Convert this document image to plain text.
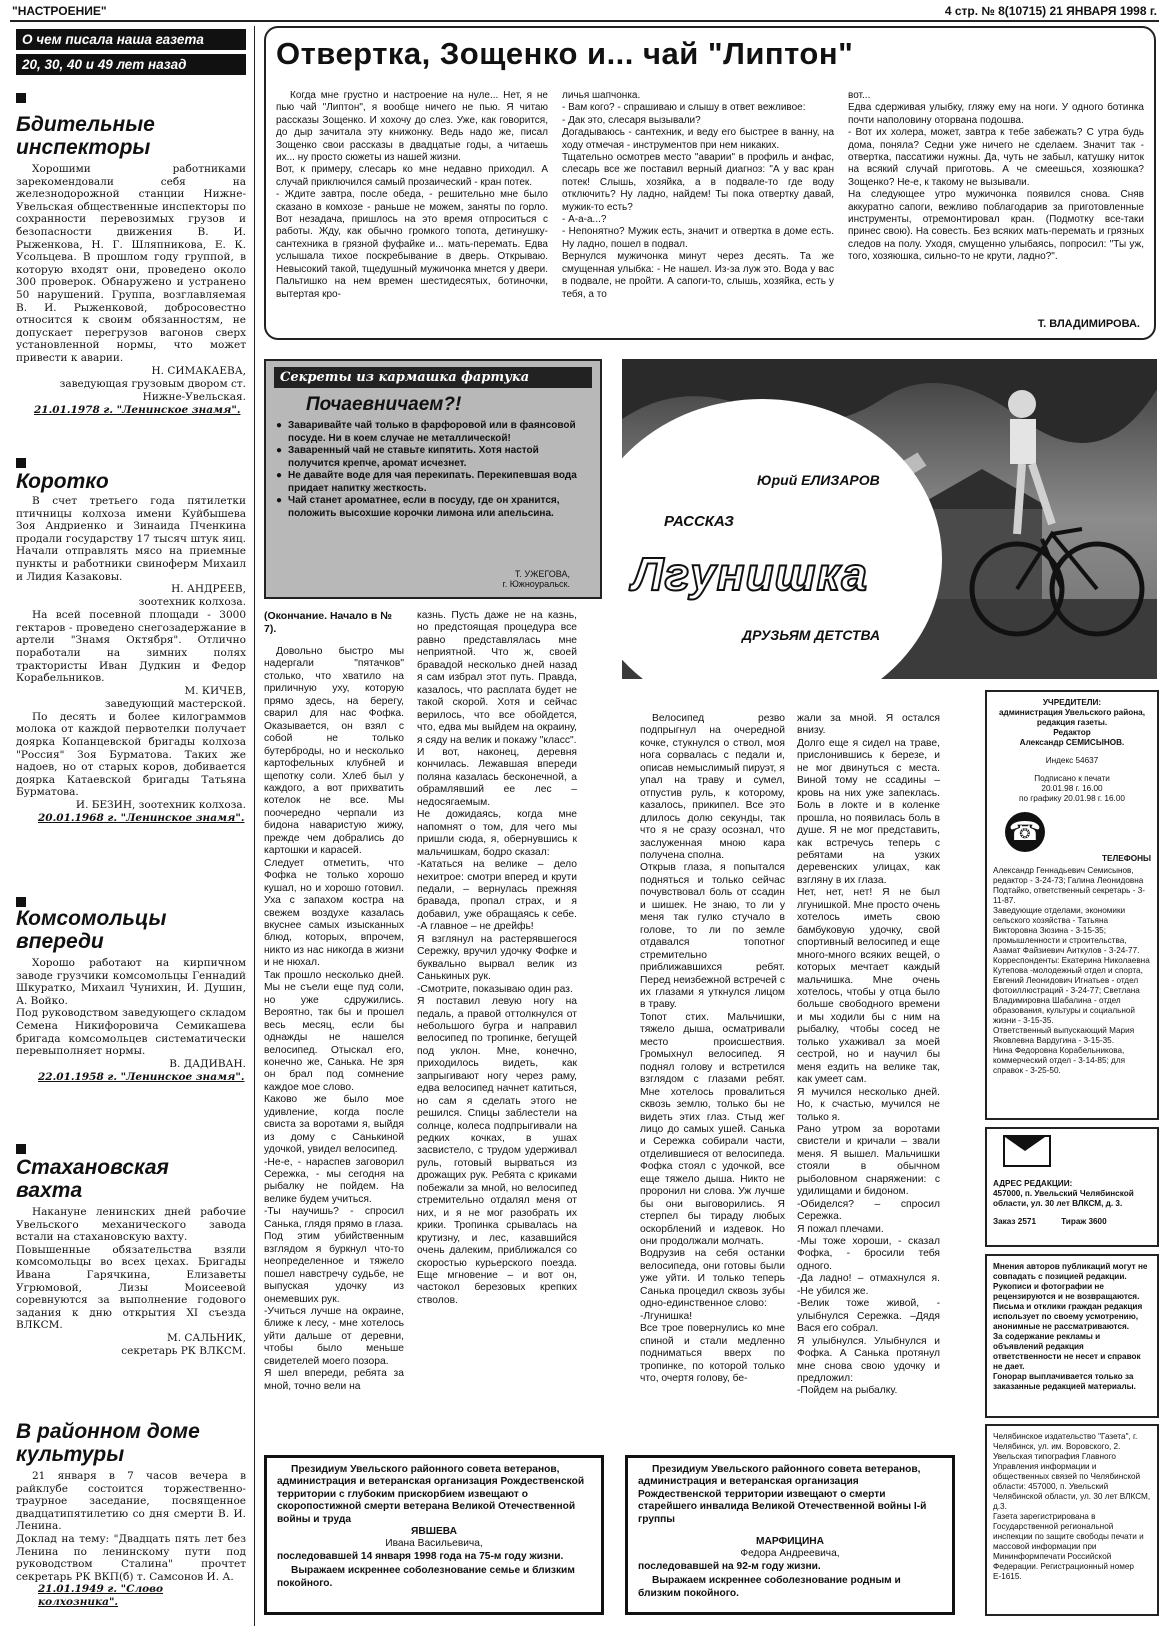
"НАСТРОЕНИЕ"	4 стр. № 8(10715) 21 ЯНВАРЯ 1998 г.
О чем писала наша газета
20, 30, 40 и 49 лет назад
Бдительные инспекторы
Хорошими работниками зарекомендовали себя на железнодорожной станции Нижне-Увельская общественные инспекторы по сохранности перевозимых грузов и безопасности движения В. И. Рыженкова, Н. Г. Шляпникова, Е. К. Усольцева. В прошлом году группой, в которую входят они, проведено около 300 проверок. Обнаружено и устранено 50 нарушений. Группа, возглавляемая В. И. Рыженковой, добросовестно относится к своим обязанностям, не допускает перегрузов вагонов сверх установленной нормы, что может привести к аварии.
Н. СИМАКАЕВА,
заведующая грузовым двором ст. Нижне-Увельская.
21.01.1978 г. "Ленинское знамя".
Коротко
В счет третьего года пятилетки птичницы колхоза имени Куйбышева Зоя Андриенко и Зинаида Пченкина продали государству 17 тысяч штук яиц. Начали отправлять мясо на приемные пункты и работники свиноферм Михаил и Лидия Казаковы.
Н. АНДРЕЕВ,
зоотехник колхоза.
На всей посевной площади - 3000 гектаров - проведено снегозадержание в артели "Знамя Октября". Отлично поработали на зимних полях трактористы Иван Дудкин и Федор Корабельников.
М. КИЧЕВ,
заведующий мастерской.
По десять и более килограммов молока от каждой первотелки получает доярка Копанцевской бригады колхоза "Россия" Зоя Бурматова. Таких же надоев, но от старых коров, добивается доярка Катаевской бригады Татьяна Бурматова.
И. БЕЗИН, зоотехник колхоза.
20.01.1968 г. "Ленинское знамя".
Комсомольцы впереди
Хорошо работают на кирпичном заводе грузчики комсомольцы Геннадий Шкуратко, Михаил Чунихин, И. Душин, А. Войко.
Под руководством заведующего складом Семена Никифоровича Семикашева бригада комсомольцев систематически перевыполняет нормы.
В. ДАДИВАН.
22.01.1958 г. "Ленинское знамя".
Стахановская вахта
Накануне ленинских дней рабочие Увельского механического завода встали на стахановскую вахту.
Повышенные обязательства взяли комсомольцы во всех цехах. Бригады Ивана Гарячкина, Елизаветы Угрюмовой, Лизы Моисеевой соревнуются за выполнение годового задания к дню открытия XI съезда ВЛКСМ.
М. САЛЬНИК,
секретарь РК ВЛКСМ.
В районном доме культуры
21 января в 7 часов вечера в райклубе состоится торжественно-траурное заседание, посвященное двадцатипятилетию со дня смерти В. И. Ленина.
Доклад на тему: "Двадцать пять лет без Ленина по ленинскому пути под руководством Сталина" прочтет секретарь РК ВКП(б) т. Самсонов И. А.
21.01.1949 г. "Слово колхозника".
Отвертка, Зощенко и... чай "Липтон"
Когда мне грустно и настроение на нуле... Нет, я не пью чай "Липтон", я вообще ничего не пью. Я читаю рассказы Зощенко. И хохочу до слез. Уже, как говорится, до дыр зачитала эту книжонку. Ведь надо же, писал Зощенко свои рассказы в двадцатые годы, а читаешь их... ну просто сюжеты из нашей жизни.
Вот, к примеру, слесарь ко мне недавно приходил. А случай приключился самый прозаический - кран потек.
- Ждите завтра, после обеда, - решительно мне было сказано в комхозе - раньше не можем, заняты по горло. Вот незадача, пришлось на это время отпроситься с работы. Жду, как обычно громкого топота, детинушку-сантехника в грязной фуфайке и... мать-перемать. Едва услышала тихое поскребывание в дверь. Открываю. Невысокий такой, тщедушный мужичонка мнется у двери. Пальтишко на нем времен шестидесятых, ботиночки, вытертая кро-
личья шапчонка.
- Вам кого? - спрашиваю и слышу в ответ вежливое:
- Дак это, слесаря вызывали?
Догадываюсь - сантехник, и веду его быстрее в ванну, на ходу отмечая - инструментов при нем никаких.
Тщательно осмотрев место "аварии" в профиль и анфас, слесарь все же поставил верный диагноз: "А у вас кран потек! Слышь, хозяйка, а в подвале-то где воду отключить? Ну ладно, найдем! Ты пока отвертку давай, мужик-то есть?
- А-а-а...?
- Непонятно? Мужик есть, значит и отвертка в доме есть. Ну ладно, пошел в подвал.
Вернулся мужичонка минут через десять. Та же смущенная улыбка: - Не нашел. Из-за луж это. Вода у вас в подвале, не пройти. А сапоги-то, слышь, хозяйка, есть у тебя, а то
вот...
Едва сдерживая улыбку, гляжу ему на ноги. У одного ботинка почти наполовину оторвана подошва.
- Вот их холера, может, завтра к тебе забежать? С утра будь дома, поняла? Седни уже ничего не сделаем. Значит так - отвертка, пассатижи нужны. Да, чуть не забыл, катушку ниток на всякий случай приготовь. А че смеешься, хозяюшка? Зощенко? Не-е, к такому не вызывали.
На следующее утро мужичонка появился снова. Сняв аккуратно сапоги, вежливо поблагодарив за приготовленные инструменты, отремонтировал кран. (Подмотку все-таки принес свою). На совесть. Без всяких мать-перемать и грязных следов на полу. Уходя, смущенно улыбаясь, попросил: "Ты уж, того, хозяюшка, сильно-то не крути, ладно?".
Т. ВЛАДИМИРОВА.
Секреты из кармашка фартука
Почаевничаем?!
● Заваривайте чай только в фарфоровой или в фаянсовой посуде. Ни в коем случае не металлической!
● Заваренный чай не ставьте кипятить. Хотя настой получится крепче, аромат исчезнет.
● Не давайте воде для чая перекипать. Перекипевшая вода придает напитку жесткость.
● Чай станет ароматнее, если в посуду, где он хранится, положить высохшие корочки лимона или апельсина.
Т. УЖЕГОВА,
г. Южноуральск.
Юрий ЕЛИЗАРОВ
РАССКАЗ
Лгунишка
ДРУЗЬЯМ ДЕТСТВА
(Окончание. Начало в № 7).
Довольно быстро мы надергали "пятачков" столько, что хватило на приличную уху, которую прямо здесь, на берегу, сварил для нас Фофка. Оказывается, он взял с собой не только бутерброды, но и несколько картофельных клубней и щепотку соли. Хлеб был у каждого, а вот прихватить котелок не все. Мы поочередно черпали из бидона наваристую жижу, прежде чем добрались до картошки и карасей.
Следует отметить, что Фофка не только хорошо кушал, но и хорошо готовил. Уха с запахом костра на свежем воздухе казалась вкуснее самых изысканных блюд, которых, впрочем, никто из нас никогда в жизни и не нюхал.
Так прошло несколько дней. Мы не съели еще пуд соли, но уже сдружились. Вероятно, так бы и прошел весь месяц, если бы однажды не нашелся велосипед. Отыскал его, конечно же, Санька. Не зря он брал под сомнение каждое мое слово.
Каково же было мое удивление, когда после свиста за воротами я, выйдя из дому с Санькиной удочкой, увидел велосипед.
-Не-е, - нараспев заговорил Сережка, - мы сегодня на рыбалку не пойдем. На велике будем учиться.
-Ты научишь? - спросил Санька, глядя прямо в глаза.
Под этим убийственным взглядом я буркнул что-то неопределенное и тяжело пошел навстречу судьбе, не выпуская удочку из онемевших рук.
-Учиться лучше на окраине, ближе к лесу, - мне хотелось уйти дальше от деревни, чтобы было меньше свидетелей моего позора.
Я шел впереди, ребята за мной, точно вели на
казнь. Пусть даже не на казнь, но предстоящая процедура все равно представлялась мне неприятной. Что ж, своей бравадой несколько дней назад я сам избрал этот путь. Правда, казалось, что расплата будет не такой скорой. Хотя и сейчас верилось, что все обойдется, что, едва мы выйдем на окраину, я сяду на велик и покажу "класс".
И вот, наконец, деревня кончилась. Лежавшая впереди поляна казалась бесконечной, а обрамлявший ее лес – недосягаемым.
Не дожидаясь, когда мне напомнят о том, для чего мы пришли сюда, я, обернувшись к мальчишкам, бодро сказал:
-Кататься на велике – дело нехитрое: смотри вперед и крути педали, – вернулась прежняя бравада, пропал страх, и я добавил, уже обращаясь к себе. -А главное – не дрейфь!
Я взглянул на растерявшегося Сережку, вручил удочку Фофке и буквально вырвал велик из Санькиных рук.
-Смотрите, показываю один раз.
Я поставил левую ногу на педаль, а правой оттолкнулся от небольшого бугра и направил велосипед по тропинке, бегущей под уклон. Мне, конечно, приходилось видеть, как запрыгивают ногу через раму, едва велосипед начнет катиться, но сам я сделать этого не решился. Спицы заблестели на солнце, колеса подпрыгивали на редких кочках, в ушах засвистело, с трудом удерживал руль, готовый вырваться из дрожащих рук. Ребята с криками побежали за мной, но велосипед стремительно отдалял меня от них, и я не мог разобрать их крики. Тропинка срывалась на крутизну, и лес, казавшийся очень далеким, приближался со скоростью курьерского поезда. Еще мгновение – и вот он, частокол березовых крепких стволов.
Велосипед резво подпрыгнул на очередной кочке, стукнулся о ствол, моя нога сорвалась с педали и, описав немыслимый пируэт, я упал на траву и сумел, отпустив руль, к которому, казалось, прикипел. Все это длилось долю секунды, так что я не сразу осознал, что заслуженная мною кара получена сполна.
Открыв глаза, я попытался подняться и только сейчас почувствовал боль от ссадин и шишек. Не знаю, то ли у меня так гулко стучало в голове, то ли по земле отдавался топотног стремительно приближавшихся ребят. Перед неизбежной встречей с их глазами я уткнулся лицом в траву.
Топот стих. Мальчишки, тяжело дыша, осматривали место происшествия. Громыхнул велосипед. Я поднял голову и встретился взглядом с глазами ребят. Мне хотелось провалиться сквозь землю, только бы не видеть этих глаз. Стыд жег лицо до самых ушей. Санька и Сережка собирали части, отделившиеся от велосипеда. Фофка стоял с удочкой, все еще тяжело дыша. Никто не проронил ни слова. Уж лучше бы они выговорились. Я стерпел бы тираду любых оскорблений и издевок. Но они продолжали молчать.
Водрузив на себя останки велосипеда, они готовы были уже уйти. И только теперь Санька процедил сквозь зубы одно-единственное слово:
-Лгунишка!
Все трое повернулись ко мне спиной и стали медленно подниматься вверх по тропинке, по которой только что, очертя голову, бе-
жали за мной. Я остался внизу.
Долго еще я сидел на траве, прислонившись к березе, и не мог двинуться с места. Виной тому не ссадины – кровь на них уже запеклась. Боль в локте и в коленке прошла, но появилась боль в душе. Я не мог представить, как встречусь теперь с ребятами на узких деревенских улицах, как взгляну в их глаза.
Нет, нет, нет! Я не был лгунишкой. Мне просто очень хотелось иметь свою бамбуковую удочку, свой спортивный велосипед и еще много-много всяких вещей, о которых мечтает каждый мальчишка. Мне очень хотелось, чтобы у отца было больше свободного времени и мы ходили бы с ним на рыбалку, чтобы сосед не только ухаживал за моей сестрой, но и научил бы меня ездить на велике так, как умеет сам.
Я мучился несколько дней. Но, к счастью, мучился не только я.
Рано утром за воротами свистели и кричали – звали меня. Я вышел. Мальчишки стояли в обычном рыболовном снаряжении: с удилищами и бидоном.
-Обиделся? – спросил Сережка.
Я пожал плечами.
-Мы тоже хороши, - сказал Фофка, - бросили тебя одного.
-Да ладно! – отмахнулся я. -Не убился же.
-Велик тоже живой, - улыбнулся Сережка. –Дядя Вася его собрал.
Я улыбнулся. Улыбнулся и Фофка. А Санька протянул мне снова свою удочку и предложил:
-Пойдем на рыбалку.
Президиум Увельского районного совета ветеранов, администрация и ветеранская организация Рождественской территории с глубоким прискорбием извещают о скоропостижной смерти ветерана Великой Отечественной войны и труда
ЯВШЕВА
Ивана Васильевича,
последовавшей 14 января 1998 года на 75-м году жизни.
Выражаем искреннее соболезнование семье и близким покойного.
Президиум Увельского районного совета ветеранов, администрация и ветеранская организация Рождественской территории извещают о смерти старейшего инвалида Великой Отечественной войны I-й группы
МАРФИЦИНА
Федора Андреевича,
последовавшей на 92-м году жизни.
Выражаем искреннее соболезнование родным и близким покойного.
УЧРЕДИТЕЛИ:
администрация Увельского района, редакция газеты.
Редактор
Александр СЕМИСЫНОВ.
Индекс 54637
Подписано к печати
20.01.98 г. 16.00
по графику 20.01.98 г. 16.00
☎
ТЕЛЕФОНЫ
Александр Геннадьевич Семисынов, редактор - 3-24-73; Галина Леонидовна Подтайко, ответственный секретарь - 3-11-87.
Заведующие отделами, экономики сельского хозяйства - Татьяна Викторовна Зюзина - 3-15-35; промышленности и строительства, Азамат Файзиевич Аиткулов - 3-24-77.
Корреспонденты: Екатерина Николаевна Кутепова -молодежный отдел и спорта, Евгений Леонидович Игнатьев - отдел фотоиллюстраций - 3-24-77; Светлана Владимировна Шабалина - отдел образования, культуры и социальной жизни - 3-15-35.
Ответственный выпускающий Мария Яковлевна Вардугина - 3-15-35.
Нина Федоровна Корабельникова, коммерческий отдел - 3-14-85; для справок - 3-25-50.
АДРЕС РЕДАКЦИИ:
457000, п. Увельский Челябинской области, ул. 30 лет ВЛКСМ, д. 3.
Заказ 2571	Тираж 3600
Мнения авторов публикаций могут не совпадать с позицией редакции. Рукописи и фотографии не рецензируются и не возвращаются.
Письма и отклики граждан редакция использует по своему усмотрению, анонимные не рассматриваются.
За содержание рекламы и объявлений редакция ответственности не несет и справок не дает.
Гонорар выплачивается только за заказанные редакцией материалы.
Челябинское издательство "Газета", г. Челябинск, ул. им. Воровского, 2.
Увельская типография Главного Управления информации и общественных связей по Челябинской области: 457000, п. Увельский Челябинской области, ул. 30 лет ВЛКСМ, д.3.
Газета зарегистрирована в Государственной региональной инспекции по защите свободы печати и массовой информации при Мининформпечати Российской Федерации. Регистрационный номер Е-1615.
